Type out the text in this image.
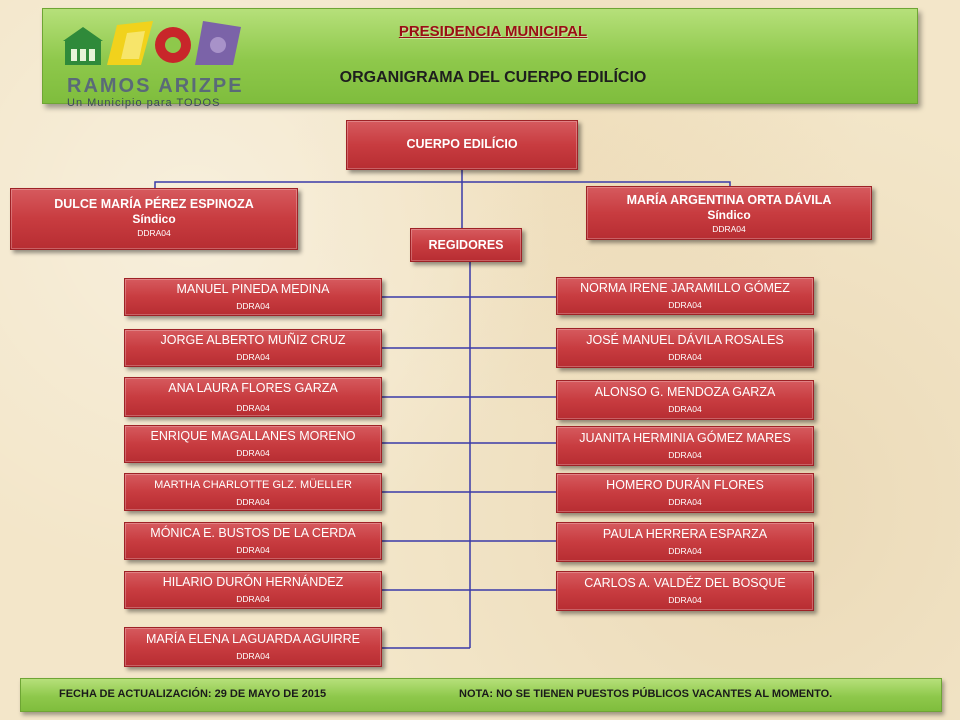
RAMOS ARIZPE
Un Municipio para TODOS
PRESIDENCIA MUNICIPAL
ORGANIGRAMA DEL CUERPO EDILÍCIO
CUERPO EDILÍCIO
DULCE MARÍA PÉREZ ESPINOZA
Síndico
DDRA04
MARÍA ARGENTINA ORTA DÁVILA
Síndico
DDRA04
REGIDORES
MANUEL PINEDA MEDINA
DDRA04
JORGE ALBERTO MUÑIZ CRUZ
DDRA04
ANA LAURA FLORES GARZA
DDRA04
ENRIQUE MAGALLANES MORENO
DDRA04
MARTHA CHARLOTTE GLZ. MÜELLER
DDRA04
MÓNICA E. BUSTOS DE LA CERDA
DDRA04
HILARIO DURÓN HERNÁNDEZ
DDRA04
MARÍA ELENA LAGUARDA AGUIRRE
DDRA04
NORMA IRENE JARAMILLO GÓMEZ
DDRA04
JOSÉ MANUEL DÁVILA ROSALES
DDRA04
ALONSO G. MENDOZA GARZA
DDRA04
JUANITA HERMINIA GÓMEZ MARES
DDRA04
HOMERO DURÁN FLORES
DDRA04
PAULA HERRERA ESPARZA
DDRA04
CARLOS A. VALDÉZ DEL BOSQUE
DDRA04
FECHA DE ACTUALIZACIÓN: 29 DE MAYO DE 2015	NOTA: NO SE TIENEN PUESTOS PÚBLICOS VACANTES AL MOMENTO.
